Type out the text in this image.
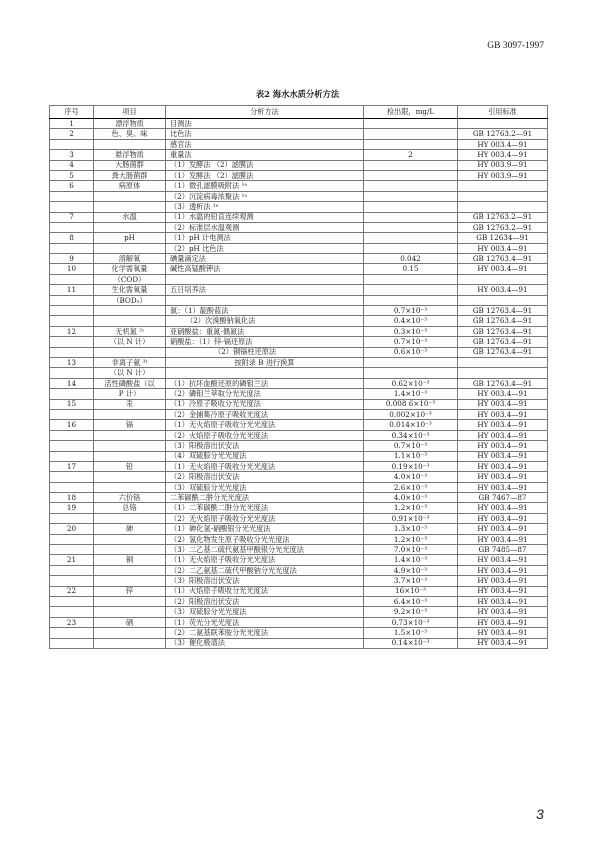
GB 3097-1997
表2 海水水质分析方法
序号	项目	分析方法	检出限，mg/L	引用标准
1	漂浮物质	目测法		
2	色、臭、味	比色法		GB 12763.2—91
		感官法		HY 003.4—91
3	悬浮物质	重量法	2	HY 003.4—91
4	大肠菌群	（1）发酵法 （2）滤膜法		HY 003.9—91
5	粪大肠菌群	（1）发酵法 （2）滤膜法		HY 003.9—91
6	病原体	（1）微孔滤膜吸附法 ¹ᵃ		
		（2）沉淀病毒浓聚法 ¹ᵃ		
		（3）透析法 ¹ᵃ		
7	水温	（1）水温的铅直连续观测		GB 12763.2—91
		（2）标准层水温观测		GB 12763.2—91
8	pH	（1）pH 计电测法		GB 12634—91
		（2）pH 比色法		HY 003.4—91
9	溶解氧	碘量滴定法	0.042	GB 12763.4—91
10	化学需氧量	碱性高锰酸钾法	0.15	HY 003.4—91
	（COD）			
11	生化需氧量	五日培养法		HY 003.4—91
	（BOD₅）			
		氮：（1）靛酚蓝法	0.7×10⁻³	GB 12763.4—91
		（2）次溴酸钠氧化法	0.4×10⁻³	GB 12763.4—91
12	无机氮 ²⁾	亚硝酸盐：重氮-偶氮法	0.3×10⁻³	GB 12763.4—91
	（以 N 计）	硝酸盐：（1）锌-镉还原法	0.7×10⁻³	GB 12763.4—91
		（2）铜镉柱还原法	0.6×10⁻³	GB 12763.4—91
13	非离子氨 ³⁾	按附录 B 进行换算		
	（以 N 计）			
14	活性磷酸盐（以	（1）抗坏血酸还原的磷钼兰法	0.62×10⁻³	GB 12763.4—91
	P 计）	（2）磷钼兰萃取分光光度法	1.4×10⁻³	HY 003.4—91
15	汞	（1）冷原子吸收分光光度法	0.008 6×10⁻³	HY 003.4—91
		（2）金捕集冷原子吸收光度法	0.002×10⁻³	HY 003.4—91
16	镉	（1）无火焰原子吸收分光光度法	0.014×10⁻³	HY 003.4—91
		（2）火焰原子吸收分光光度法	0.34×10⁻³	HY 003.4—91
		（3）阳极溶出伏安法	0.7×10⁻³	HY 003.4—91
		（4）双硫腙分光光度法	1.1×10⁻³	HY 003.4—91
17	铅	（1）无火焰原子吸收分光光度法	0.19×10⁻³	HY 003.4—91
		（2）阳极溶出伏安法	4.0×10⁻³	HY 003.4—91
		（3）双硫腙分光光度法	2.6×10⁻³	HY 003.4—91
18	六价铬	二苯碳酰二肼分光光度法	4.0×10⁻³	GB 7467—87
19	总铬	（1）二苯碳酰二肼分光光度法	1.2×10⁻³	HY 003.4—91
		（2）无火焰原子吸收分光光度法	0.91×10⁻³	HY 003.4—91
20	砷	（1）砷化氢-硝酸银分光光度法	1.3×10⁻³	HY 003.4—91
		（2）氢化物发生原子吸收分光光度法	1.2×10⁻³	HY 003.4—91
		（3）二乙基二硫代氨基甲酸银分光光度法	7.0×10⁻³	GB 7485—87
21	铜	（1）无火焰原子吸收分光光度法	1.4×10⁻³	HY 003.4—91
		（2）二乙氨基二硫代甲酸钠分光光度法	4.9×10⁻³	HY 003.4—91
		（3）阳极溶出伏安法	3.7×10⁻³	HY 003.4—91
22	锌	（1）火焰原子吸收分光光度法	16×10⁻³	HY 003.4—91
		（2）阳极溶出伏安法	6.4×10⁻³	HY 003.4—91
		（3）双硫腙分光光度法	9.2×10⁻³	HY 003.4—91
23	硒	（1）荧光分光光度法	0.73×10⁻³	HY 003.4—91
		（2）二氨基联苯胺分光光度法	1.5×10⁻³	HY 003.4—91
		（3）催化极谱法	0.14×10⁻³	HY 003.4—91
3
